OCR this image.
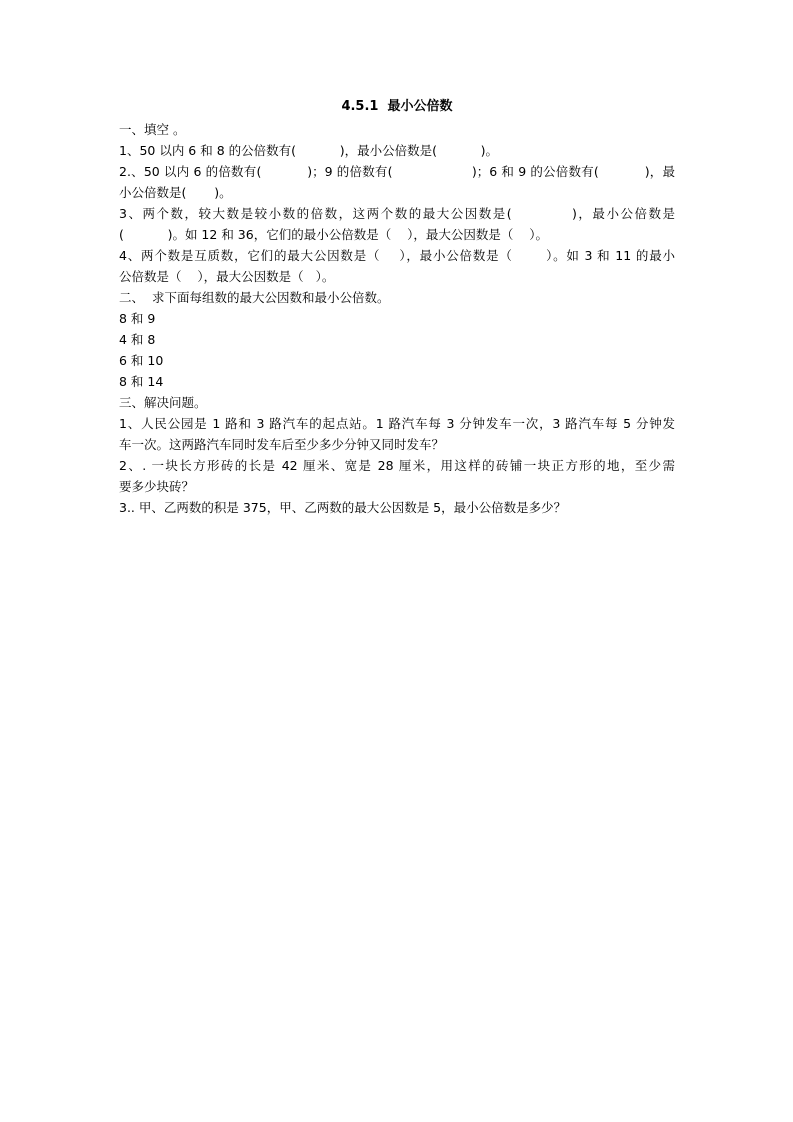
4.5.1  最小公倍数
一、填空 。
1、50 以内 6 和 8 的公倍数有(           )，最小公倍数是(           )。
2.、50 以内 6 的倍数有(           )；9 的倍数有(                   )；6 和 9 的公倍数有(           )，最
小公倍数是(       )。
3、两个数，较大数是较小数的倍数，这两个数的最大公因数是(           )，最小公倍数是
(           )。如 12 和 36，它们的最小公倍数是（    ），最大公因数是（    ）。
4、两个数是互质数，它们的最大公因数是（    ），最小公倍数是（       ）。如 3 和 11 的最小
公倍数是（    ），最大公因数是（   ）。
二、  求下面每组数的最大公因数和最小公倍数。
8 和 9
4 和 8
6 和 10
8 和 14
三、解决问题。
1、人民公园是 1 路和 3 路汽车的起点站。1 路汽车每 3 分钟发车一次，3 路汽车每 5 分钟发
车一次。这两路汽车同时发车后至少多少分钟又同时发车？
2、. 一块长方形砖的长是 42 厘米、宽是 28 厘米，用这样的砖铺一块正方形的地，至少需
要多少块砖？
3.. 甲、乙两数的积是 375，甲、乙两数的最大公因数是 5，最小公倍数是多少？
